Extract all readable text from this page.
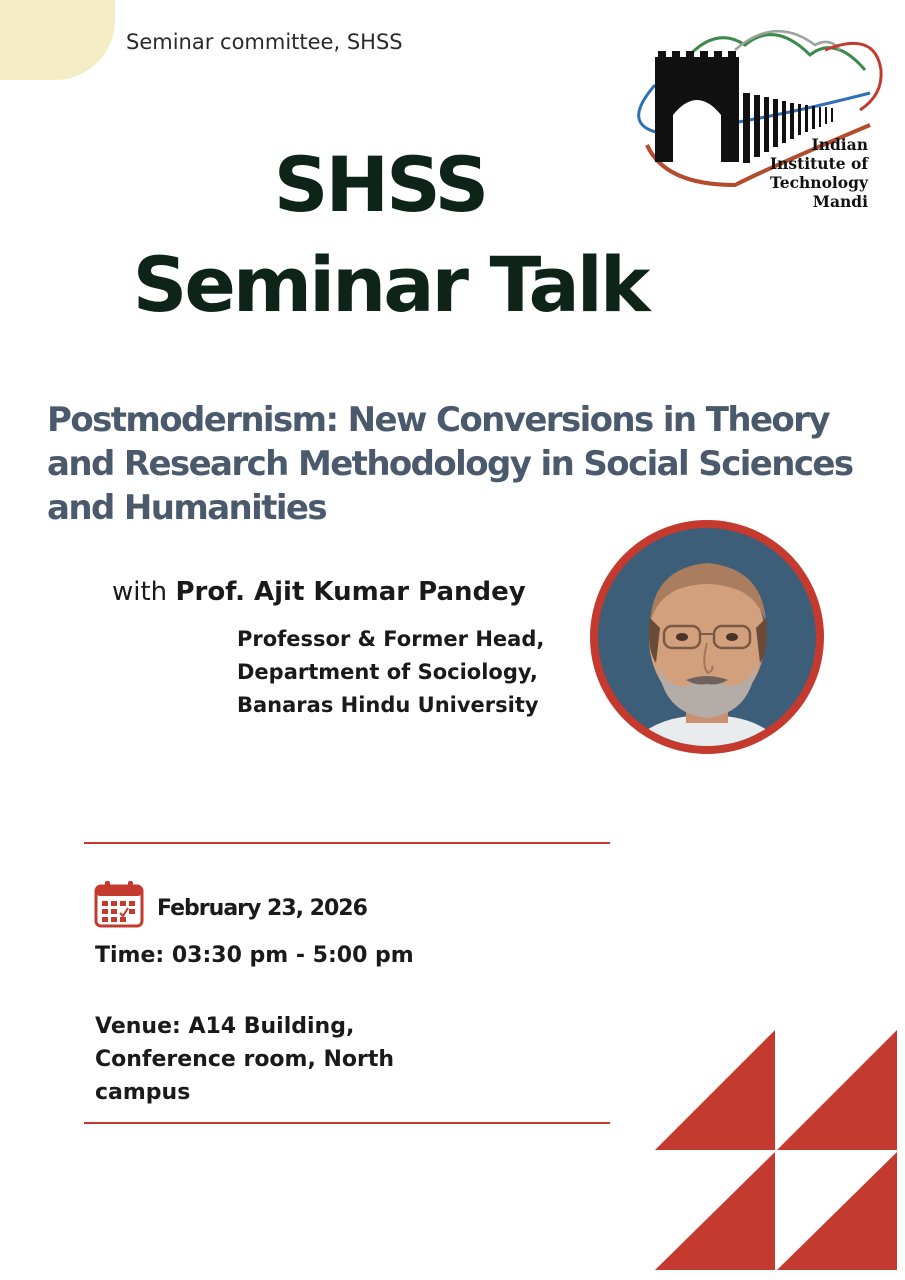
Seminar committee, SHSS
Indian
Institute of
Technology
Mandi
SHSS
Seminar Talk
Postmodernism: New Conversions in Theory
and Research Methodology in Social Sciences
and Humanities
with Prof. Ajit Kumar Pandey
Professor & Former Head,
Department of Sociology,
Banaras Hindu University
February 23, 2026
Time: 03:30 pm - 5:00 pm
Venue: A14 Building,
Conference room, North
campus
